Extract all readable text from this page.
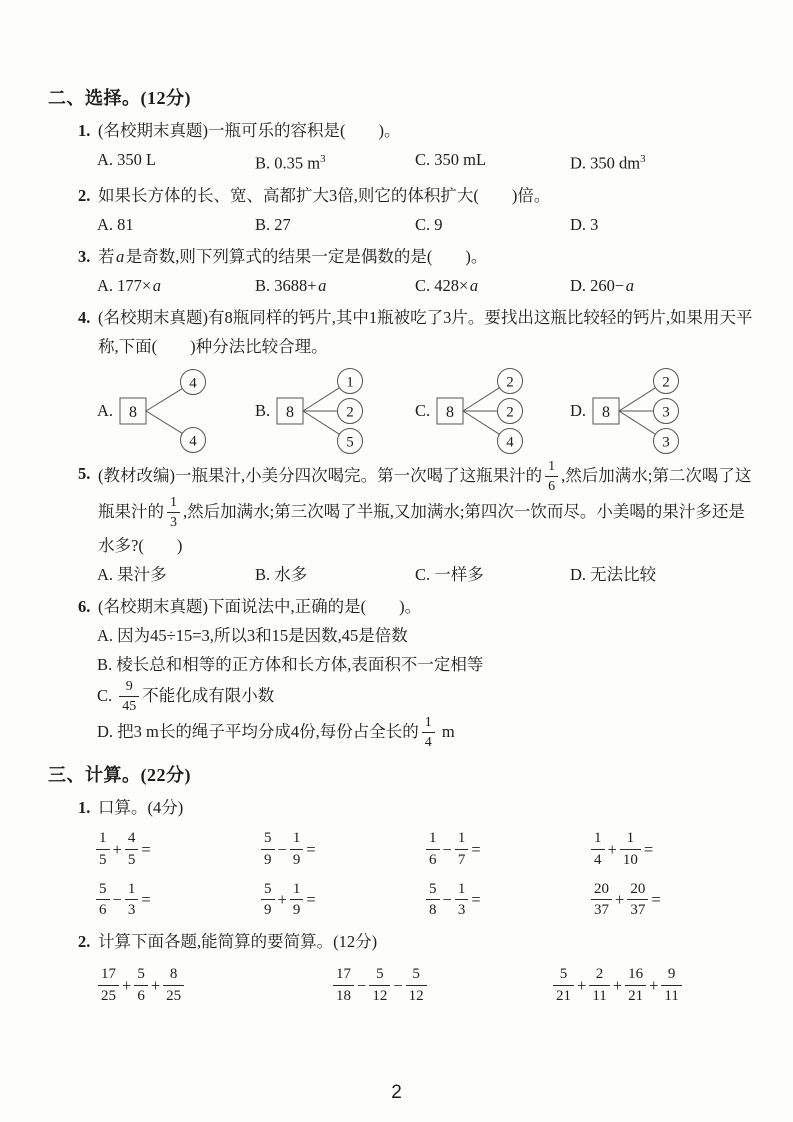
二、选择。(12分)
1. (名校期末真题)一瓶可乐的容积是(　　)。
A. 350 L	B. 0.35 $m^3$	C. 350 mL	D. 350 $dm^3$
2. 如果长方体的长、宽、高都扩大3倍,则它的体积扩大(　　)倍。
A. 81	B. 27	C. 9	D. 3
3. 若a是奇数,则下列算式的结果一定是偶数的是(　　)。
A. 177×a	B. 3688+a	C. 428×a	D. 260−a
4. (名校期末真题)有8瓶同样的钙片,其中1瓶被吃了3片。要找出这瓶比较轻的钙片,如果用天平称,下面(　　)种分法比较合理。
A. 8
4
4
B. 8
1
2
5
C. 8
2
2
4
D. 8
2
3
3
5. (教材改编)一瓶果汁,小美分四次喝完。第一次喝了这瓶果汁的 $\frac{1}{6}$ ,然后加满水;第二次喝了这瓶果汁的 $\frac{1}{3}$ ,然后加满水;第三次喝了半瓶,又加满水;第四次一饮而尽。小美喝的果汁多还是水多?(　　)
A. 果汁多	B. 水多	C. 一样多	D. 无法比较
6. (名校期末真题)下面说法中,正确的是(　　)。
A. 因为45÷15=3,所以3和15是因数,45是倍数
B. 棱长总和相等的正方体和长方体,表面积不一定相等
C. $\frac{9}{45}$ 不能化成有限小数
D. 把3 m长的绳子平均分成4份,每份占全长的 $\frac{1}{4}$ m
三、计算。(22分)
1. 口算。(4分)
$\frac{1}{5} + \frac{4}{5}$ =	$\frac{5}{9} - \frac{1}{9}$ =	$\frac{1}{6} - \frac{1}{7}$ =	$\frac{1}{4} + \frac{1}{10}$ =
$\frac{5}{6} - \frac{1}{3}$ =	$\frac{5}{9} + \frac{1}{9}$ =	$\frac{5}{8} - \frac{1}{3}$ =	$\frac{20}{37} + \frac{20}{37}$ =
2. 计算下面各题,能简算的要简算。(12分)
$\frac{17}{25} + \frac{5}{6} + \frac{8}{25}$	$\frac{17}{18} - \frac{5}{12} - \frac{5}{12}$	$\frac{5}{21} + \frac{2}{11} + \frac{16}{21} + \frac{9}{11}$
2
